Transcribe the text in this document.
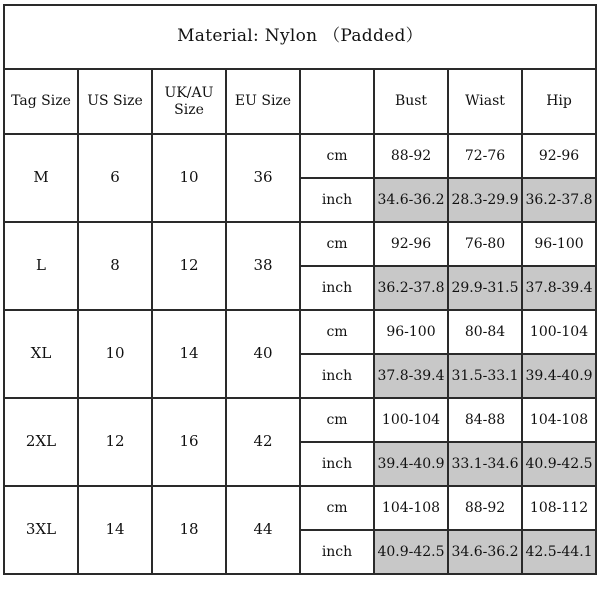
Material: Nylon （Padded）							
Tag Size	US Size	UK/AU Size	EU Size		Bust	Wiast	Hip
M	6	10	36	cm	88-92	72-76	92-96
				inch	34.6-36.2	28.3-29.9	36.2-37.8
L	8	12	38	cm	92-96	76-80	96-100
				inch	36.2-37.8	29.9-31.5	37.8-39.4
XL	10	14	40	cm	96-100	80-84	100-104
				inch	37.8-39.4	31.5-33.1	39.4-40.9
2XL	12	16	42	cm	100-104	84-88	104-108
				inch	39.4-40.9	33.1-34.6	40.9-42.5
3XL	14	18	44	cm	104-108	88-92	108-112
				inch	40.9-42.5	34.6-36.2	42.5-44.1
